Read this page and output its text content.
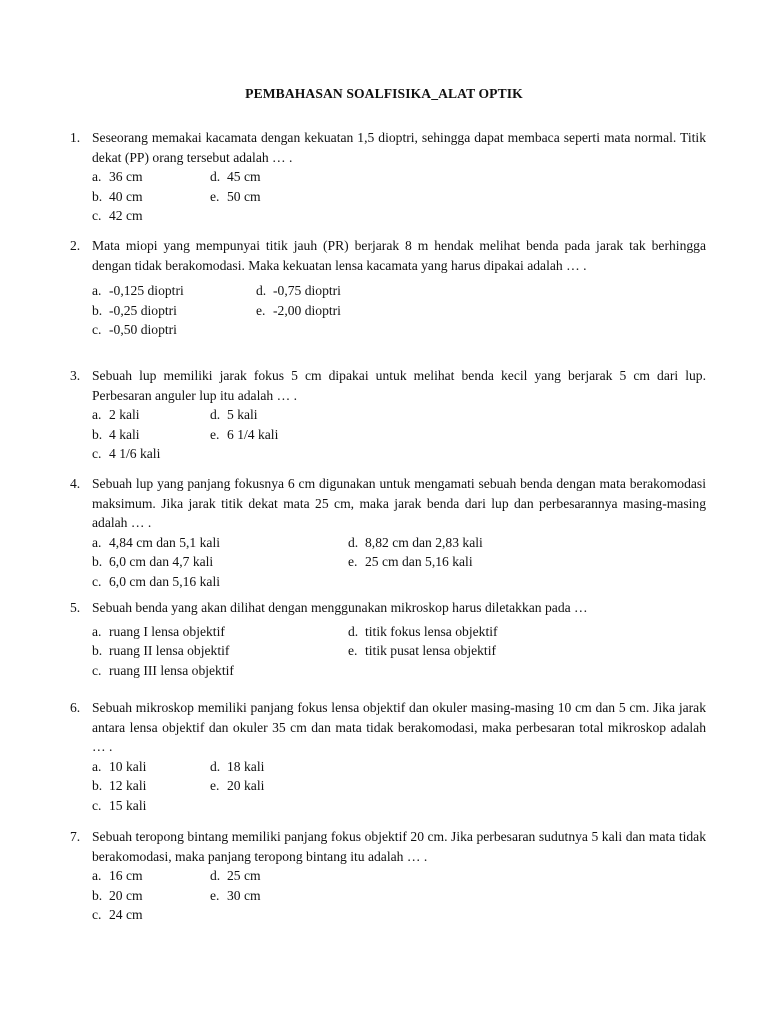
PEMBAHASAN SOALFISIKA_ALAT OPTIK
1. Seseorang memakai kacamata dengan kekuatan 1,5 dioptri, sehingga dapat membaca seperti mata normal. Titik dekat (PP) orang tersebut adalah … .
a. 36 cm
b. 40 cm
c. 42 cm
d. 45 cm
e. 50 cm
2. Mata miopi yang mempunyai titik jauh (PR) berjarak 8 m hendak melihat benda pada jarak tak berhingga dengan tidak berakomodasi. Maka kekuatan lensa kacamata yang harus dipakai adalah … .
a. -0,125 dioptri
b. -0,25 dioptri
c. -0,50 dioptri
d. -0,75 dioptri
e. -2,00 dioptri
3. Sebuah lup memiliki jarak fokus 5 cm dipakai untuk melihat benda kecil yang berjarak 5 cm dari lup. Perbesaran anguler lup itu adalah … .
a. 2 kali
b. 4 kali
c. 4 1/6 kali
d. 5 kali
e. 6 1/4 kali
4. Sebuah lup yang panjang fokusnya 6 cm digunakan untuk mengamati sebuah benda dengan mata berakomodasi maksimum. Jika jarak titik dekat mata 25 cm, maka jarak benda dari lup dan perbesarannya masing-masing adalah … .
a. 4,84 cm dan 5,1 kali
b. 6,0 cm dan 4,7 kali
c. 6,0 cm dan 5,16 kali
d. 8,82 cm dan 2,83 kali
e. 25 cm dan 5,16 kali
5. Sebuah benda yang akan dilihat dengan menggunakan mikroskop harus diletakkan pada …
a. ruang I lensa objektif
b. ruang II lensa objektif
c. ruang III lensa objektif
d. titik fokus lensa objektif
e. titik pusat lensa objektif
6. Sebuah mikroskop memiliki panjang fokus lensa objektif dan okuler masing-masing 10 cm dan 5 cm. Jika jarak antara lensa objektif dan okuler 35 cm dan mata tidak berakomodasi, maka perbesaran total mikroskop adalah … .
a. 10 kali
b. 12 kali
c. 15 kali
d. 18 kali
e. 20 kali
7. Sebuah teropong bintang memiliki panjang fokus objektif 20 cm. Jika perbesaran sudutnya 5 kali dan mata tidak berakomodasi, maka panjang teropong bintang itu adalah … .
a. 16 cm
b. 20 cm
c. 24 cm
d. 25 cm
e. 30 cm
